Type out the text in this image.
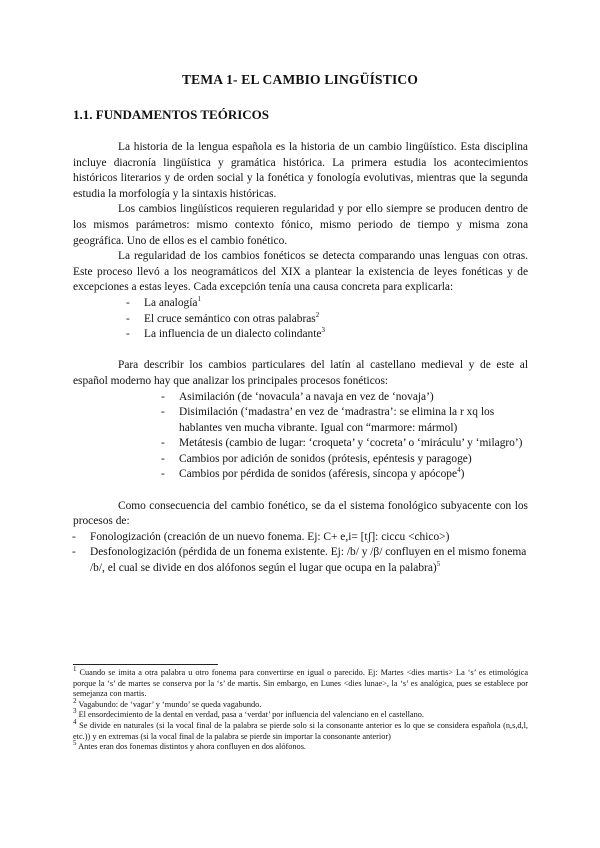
TEMA 1- EL CAMBIO LINGÜÍSTICO
1.1. FUNDAMENTOS TEÓRICOS

La historia de la lengua española es la historia de un cambio lingüístico. Esta disciplina incluye diacronía lingüística y gramática histórica. La primera estudia los acontecimientos históricos literarios y de orden social y la fonética y fonología evolutivas, mientras que la segunda estudia la morfología y la sintaxis históricas.

Los cambios lingüísticos requieren regularidad y por ello siempre se producen dentro de los mismos parámetros: mismo contexto fónico, mismo periodo de tiempo y misma zona geográfica. Uno de ellos es el cambio fonético.

La regularidad de los cambios fonéticos se detecta comparando unas lenguas con otras. Este proceso llevó a los neogramáticos del XIX a plantear la existencia de leyes fonéticas y de excepciones a estas leyes. Cada excepción tenía una causa concreta para explicarla:

- La analogía$^1$
- El cruce semántico con otras palabras$^2$
- La influencia de un dialecto colindante$^3$

Para describir los cambios particulares del latín al castellano medieval y de este al español moderno hay que analizar los principales procesos fonéticos:

- Asimilación (de ‘novacula’ a navaja en vez de ‘novaja’)
- Disimilación (‘madastra’ en vez de ‘madrastra’: se elimina la r xq los hablantes ven mucha vibrante. Igual con “marmore: mármol)
- Metátesis (cambio de lugar: ‘croqueta’ y ‘cocreta’ o ‘miráculu’ y ‘milagro’)
- Cambios por adición de sonidos (prótesis, epéntesis y paragoge)
- Cambios por pérdida de sonidos (aféresis, síncopa y apócope$^4$)

Como consecuencia del cambio fonético, se da el sistema fonológico subyacente con los procesos de:

- Fonologización (creación de un nuevo fonema. Ej: C+ e,i= [tʃ]: ciccu <chico>)
- Desfonologización (pérdida de un fonema existente. Ej: /b/ y /β/ confluyen en el mismo fonema /b/, el cual se divide en dos alófonos según el lugar que ocupa en la palabra)$^5$

$^1$ Cuando se imita a otra palabra u otro fonema para convertirse en igual o parecido. Ej: Martes <dies martis> La ‘s’ es etimológica porque la ‘s’ de martes se conserva por la ‘s’ de martis. Sin embargo, en Lunes <dies lunae>, la ‘s’ es analógica, pues se establece por semejanza con martis.

$^2$ Vagabundo: de ‘vagar’ y ‘mundo’ se queda vagabundo.

$^3$ El ensordecimiento de la dental en verdad, pasa a ‘verdat’ por influencia del valenciano en el castellano.

$^4$ Se divide en naturales (si la vocal final de la palabra se pierde solo si la consonante anterior es lo que se considera española (n,s,d,l, etc.)) y en extremas (si la vocal final de la palabra se pierde sin importar la consonante anterior)

$^5$ Antes eran dos fonemas distintos y ahora confluyen en dos alófonos.
